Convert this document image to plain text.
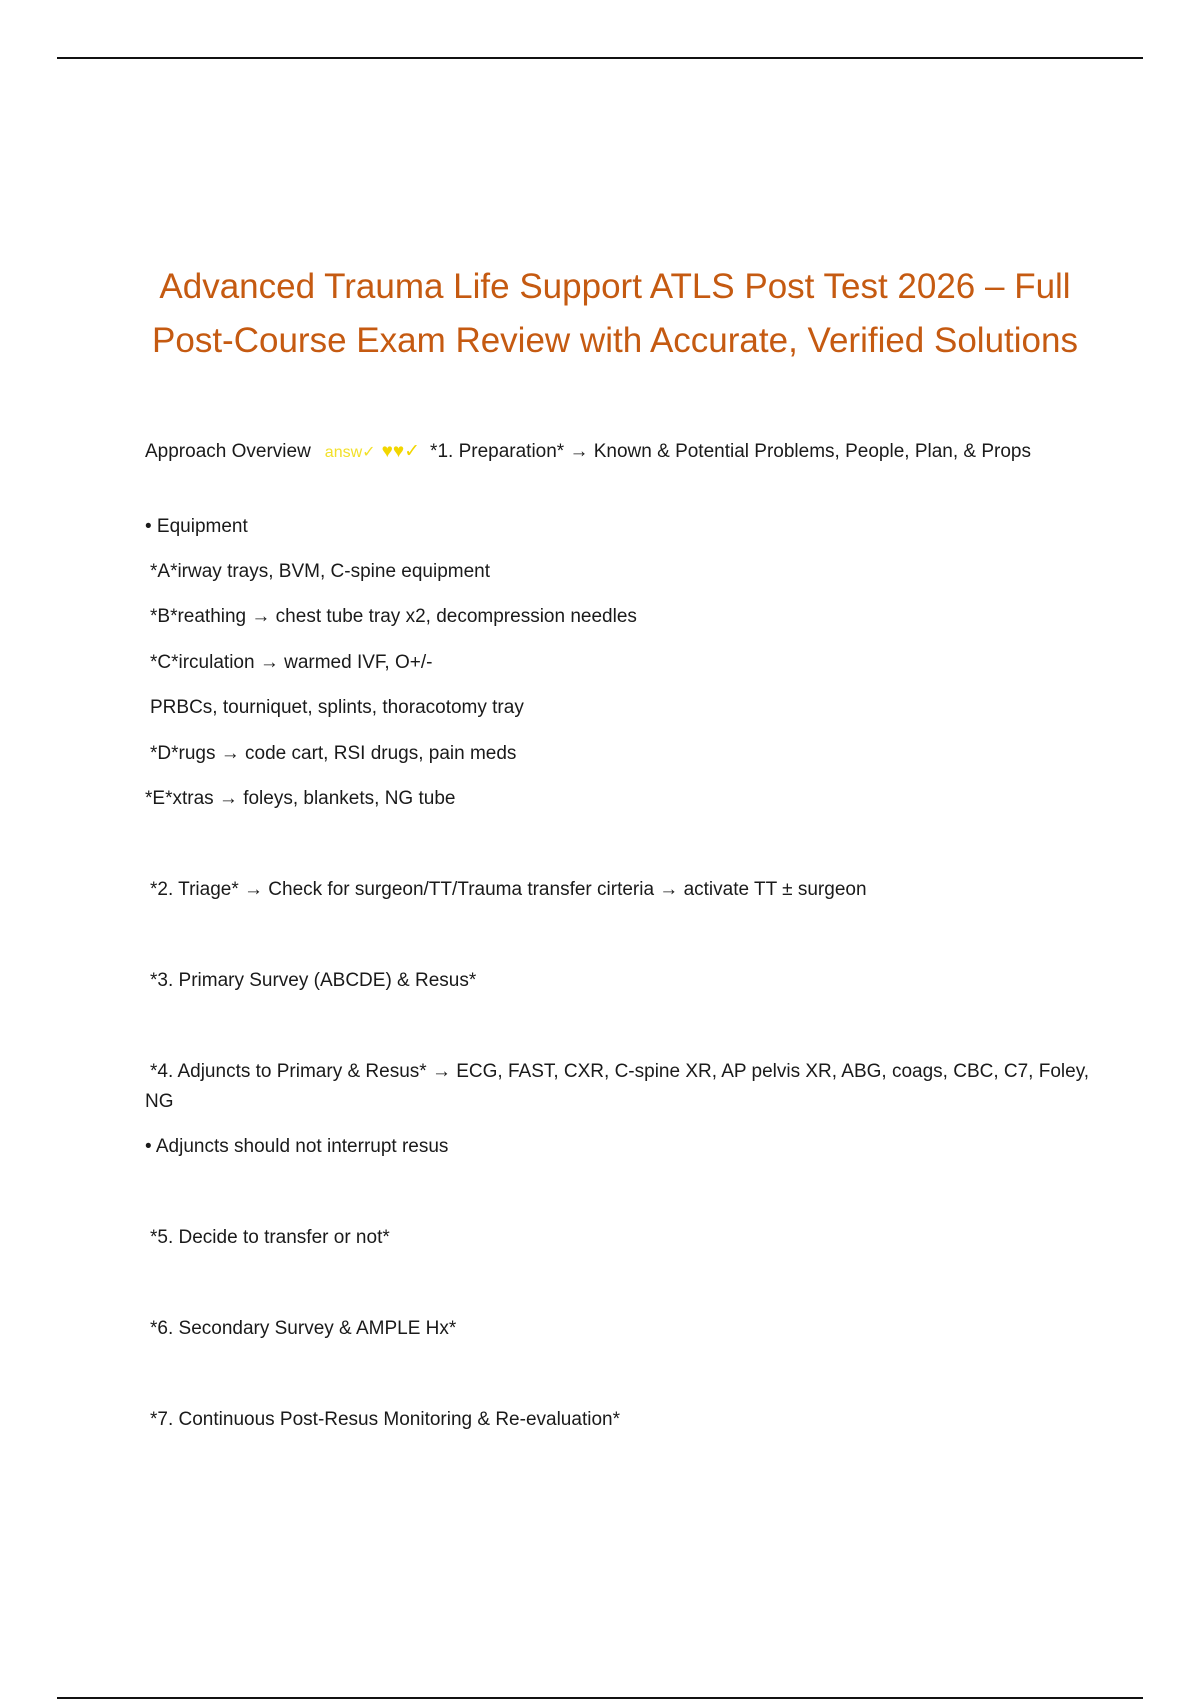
Advanced Trauma Life Support ATLS Post Test 2026 – Full Post-Course Exam Review with Accurate, Verified Solutions
Approach Overview answ✓ ♥♥✓ *1. Preparation* → Known & Potential Problems, People, Plan, & Props
• Equipment
*A*irway trays, BVM, C-spine equipment
*B*reathing → chest tube tray x2, decompression needles
*C*irculation → warmed IVF, O+/-
PRBCs, tourniquet, splints, thoracotomy tray
*D*rugs → code cart, RSI drugs, pain meds
*E*xtras → foleys, blankets, NG tube
*2. Triage* → Check for surgeon/TT/Trauma transfer cirteria → activate TT ± surgeon
*3. Primary Survey (ABCDE) & Resus*
*4. Adjuncts to Primary & Resus* → ECG, FAST, CXR, C-spine XR, AP pelvis XR, ABG, coags, CBC, C7, Foley, NG
• Adjuncts should not interrupt resus
*5. Decide to transfer or not*
*6. Secondary Survey & AMPLE Hx*
*7. Continuous Post-Resus Monitoring & Re-evaluation*
